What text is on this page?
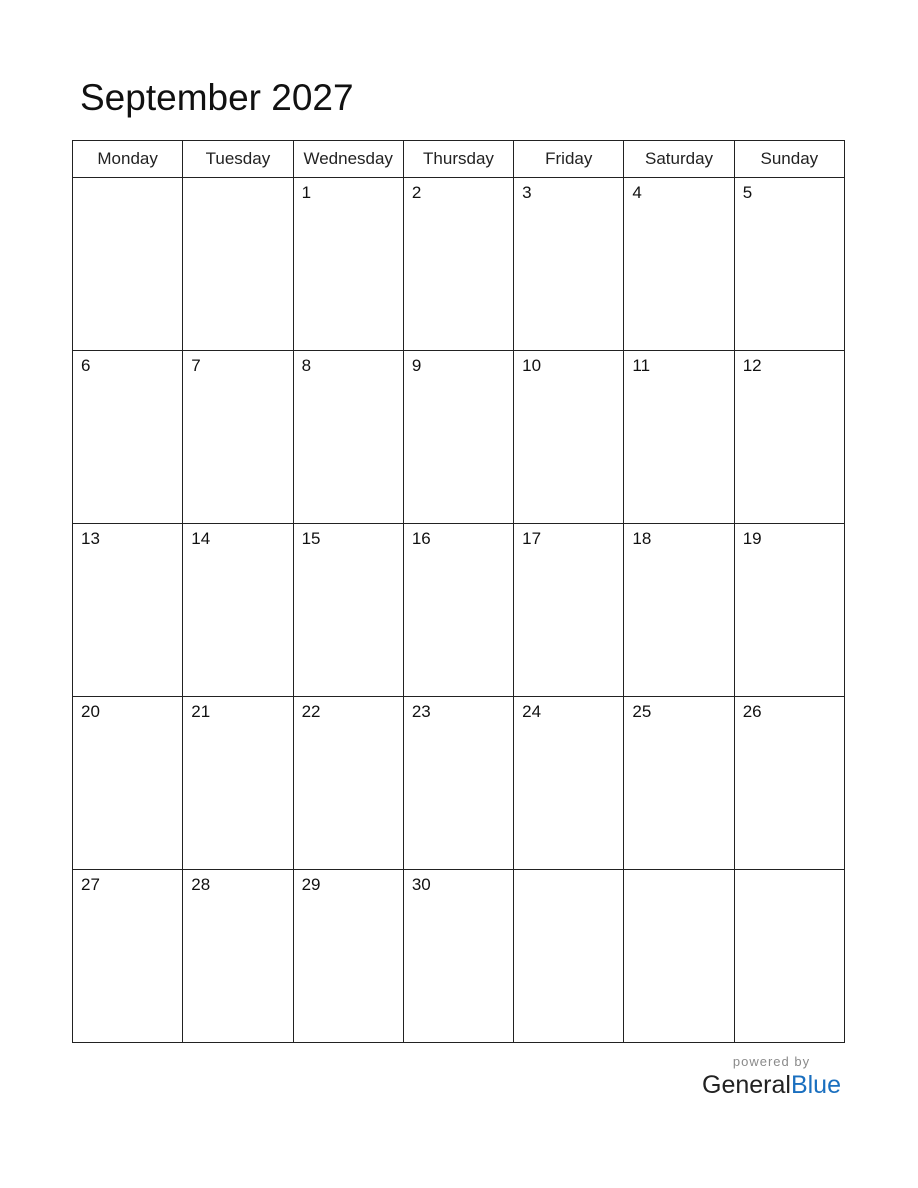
September 2027
Monday	Tuesday	Wednesday	Thursday	Friday	Saturday	Sunday

		1	2	3	4	5

6	7	8	9	10	11	12

13	14	15	16	17	18	19

20	21	22	23	24	25	26

27	28	29	30			

powered by
GeneralBlue
